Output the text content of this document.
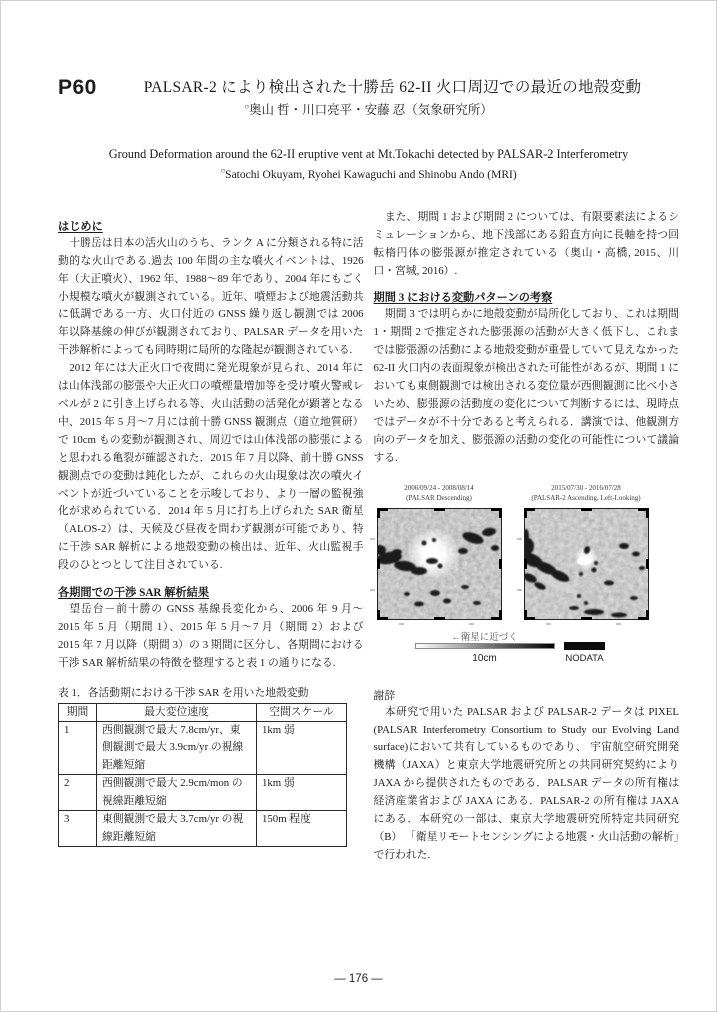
P60	PALSAR-2 により検出された十勝岳 62-II 火口周辺での最近の地殻変動
○奥山 哲・川口亮平・安藤 忍（気象研究所）
Ground Deformation around the 62-II eruptive vent at Mt.Tokachi detected by PALSAR-2 Interferometry
○Satochi Okuyam, Ryohei Kawaguchi and Shinobu Ando (MRI)
はじめに

十勝岳は日本の活火山のうち、ランク A に分類される特に活動的な火山である.過去 100 年間の主な噴火イベントは、1926 年（大正噴火）、1962 年、1988～89 年であり、2004 年にもごく小規模な噴火が観測されている。近年、噴煙および地震活動共に低調である一方、火口付近の GNSS 繰り返し観測では 2006 年以降基線の伸びが観測されており、PALSAR データを用いた干渉解析によっても同時期に局所的な隆起が観測されている.

2012 年には大正火口で夜間に発光現象が見られ、2014 年には山体浅部の膨張や大正火口の噴煙量増加等を受け噴火警戒レベルが 2 に引き上げられる等、火山活動の活発化が顕著となる中、2015 年 5 月～7 月には前十勝 GNSS 観測点（道立地質研）で 10cm もの変動が観測され、周辺では山体浅部の膨張によると思われる亀裂が確認された．2015 年 7 月以降、前十勝 GNSS 観測点での変動は鈍化したが、これらの火山現象は次の噴火イベントが近づいていることを示唆しており、より一層の監視強化が求められている．2014 年 5 月に打ち上げられた SAR 衛星（ALOS-2）は、天候及び昼夜を問わず観測が可能であり、特に干渉 SAR 解析による地殻変動の検出は、近年、火山監視手段のひとつとして注目されている.

各期間での干渉 SAR 解析結果

望岳台－前十勝の GNSS 基線長変化から、2006 年 9 月～2015 年 5 月（期間 1）、2015 年 5 月～7 月（期間 2）および 2015 年 7 月以降（期間 3）の 3 期間に区分し、各期間における干渉 SAR 解析結果の特徴を整理すると表 1 の通りになる.

表 1．各活動期における干渉 SAR を用いた地殻変動
期間	最大変位速度	空間スケール
1	西側観測で最大 7.8cm/yr、東側観測で最大 3.9cm/yr の視線距離短縮	1km 弱
2	西側観測で最大 2.9cm/mon の視線距離短縮	1km 弱
3	東側観測で最大 3.7cm/yr の視線距離短縮	150m 程度

また、期間 1 および期間 2 については、有限要素法によるシミュレーションから、地下浅部にある鉛直方向に長軸を持つ回転楕円体の膨張源が推定されている（奥山・高橋, 2015、川口・宮城, 2016）.

期間 3 における変動パターンの考察

期間 3 では明らかに地殻変動が局所化しており、これは期間 1・期間 2 で推定された膨張源の活動が大きく低下し、これまでは膨張源の活動による地殻変動が重畳していて見えなかった 62-II 火口内の表面現象が検出された可能性があるが、期間 1 においても東側観測では検出される変位量が西側観測に比べ小さいため、膨張源の活動度の変化について判断するには、現時点ではデータが不十分であると考えられる．講演では、他観測方向のデータを加え、膨張源の活動の変化の可能性について議論する.

2006/09/24 - 2008/08/14
(PALSAR Descending)
2015/07/30 - 2016/07/28
(PALSAR-2 Ascending, Left-Looking)
←衛星に近づく
10cm	NODATA
謝辞

本研究で用いた PALSAR および PALSAR-2 データは PIXEL (PALSAR Interferometry Consortium to Study our Evolving Land surface)において共有しているものであり、 宇宙航空研究開発機構（JAXA）と東京大学地震研究所との共同研究契約により JAXA から提供されたものである．PALSAR データの所有権は経済産業省および JAXA にある．PALSAR-2 の所有権は JAXA にある．本研究の一部は、東京大学地震研究所特定共同研究（B） 「衛星リモートセンシングによる地震・火山活動の解析」で行われた.

— 176 —
